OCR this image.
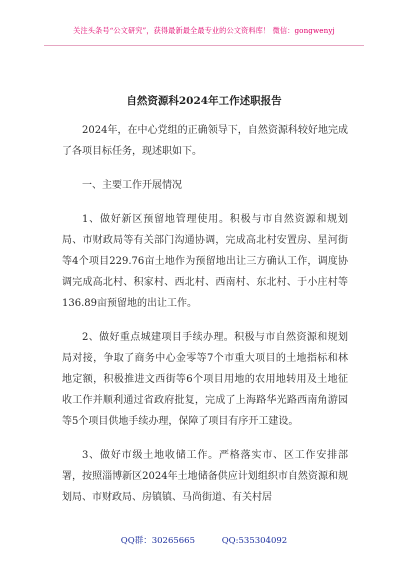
关注头条号“公文研究”，获得最新最全最专业的公文资料库！ 微信：gongwenyj
自然资源科2024年工作述职报告

2024年，在中心党组的正确领导下，自然资源科较好地完成了各项目标任务，现述职如下。

一、主要工作开展情况

1、做好新区预留地管理使用。积极与市自然资源和规划局、市财政局等有关部门沟通协调，完成高北村安置房、星河街等4个项目229.76亩土地作为预留地出让三方确认工作，调度协调完成高北村、积家村、西北村、西南村、东北村、于小庄村等136.89亩预留地的出让工作。

2、做好重点城建项目手续办理。积极与市自然资源和规划局对接，争取了商务中心金零等7个市重大项目的土地指标和林地定额，积极推进文西街等6个项目用地的农用地转用及土地征收工作并顺利通过省政府批复，完成了上海路华光路西南角游园等5个项目供地手续办理，保障了项目有序开工建设。

3、做好市级土地收储工作。严格落实市、区工作安排部署，按照淄博新区2024年土地储备供应计划组织市自然资源和规划局、市财政局、房镇镇、马尚街道、有关村居

QQ群：30265665	QQ:535304092
